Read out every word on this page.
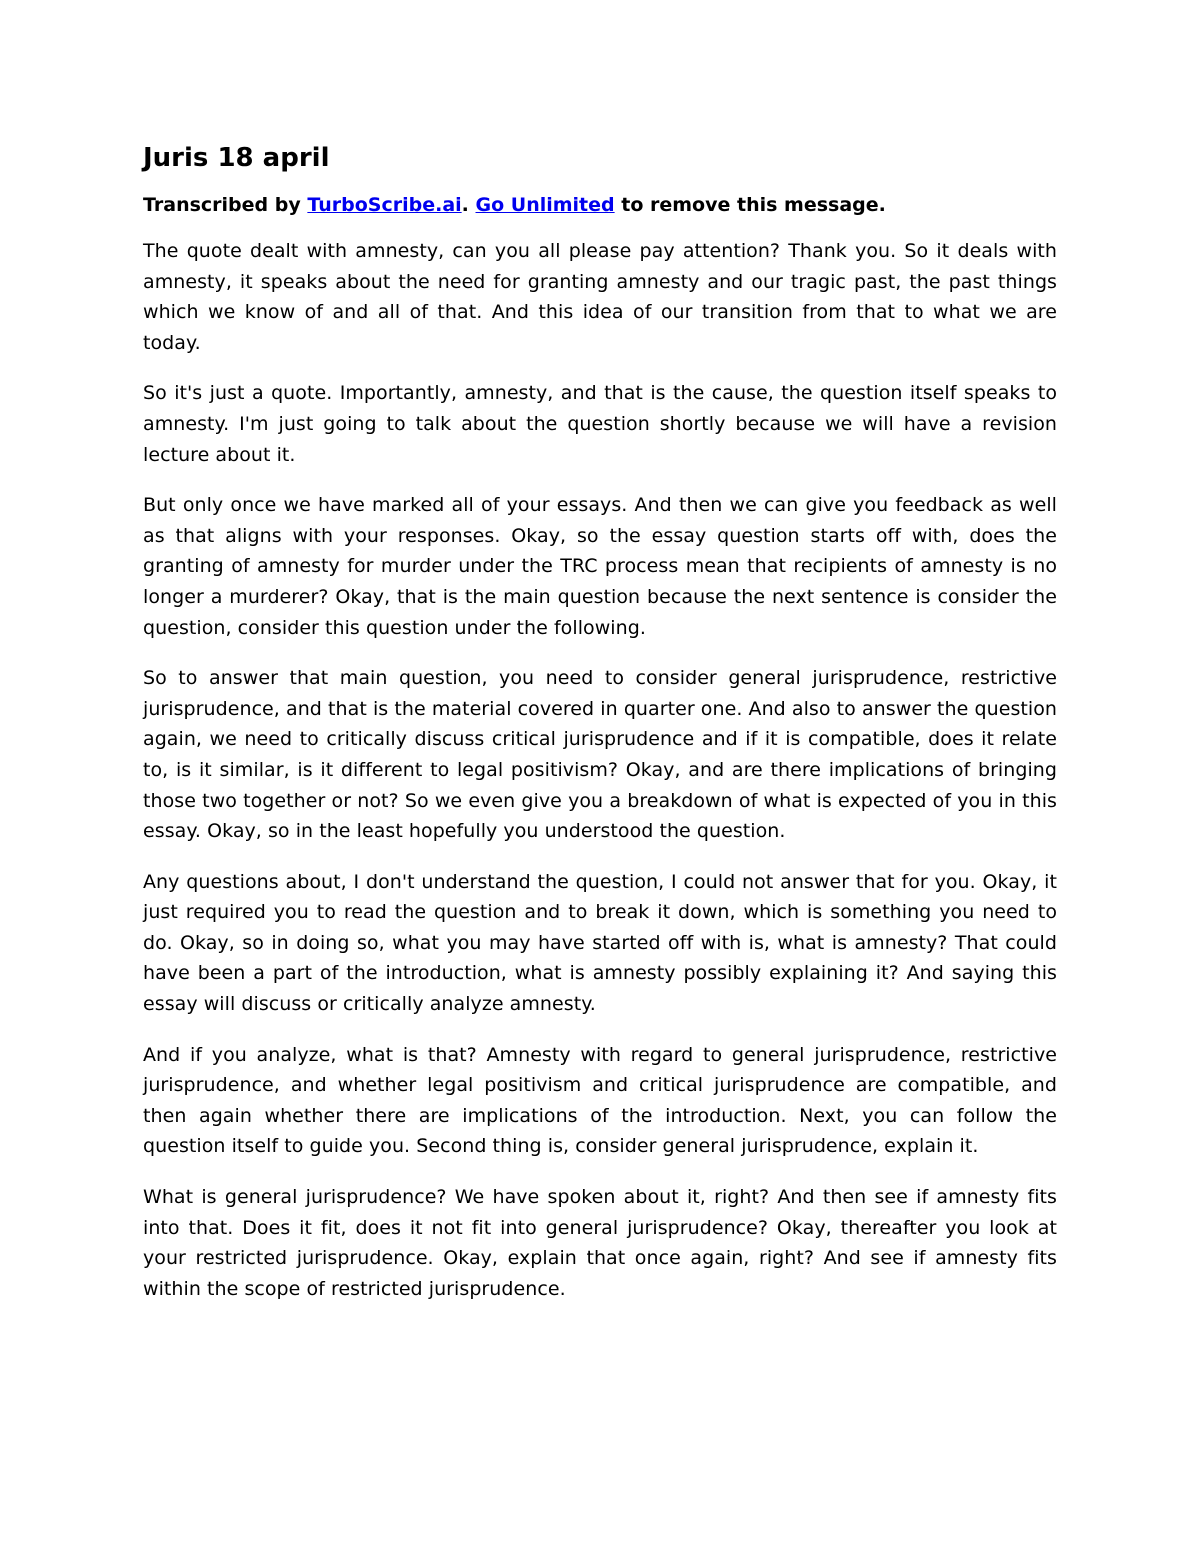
Juris 18 april

Transcribed by TurboScribe.ai. Go Unlimited to remove this message.

The quote dealt with amnesty, can you all please pay attention? Thank you. So it deals with amnesty, it speaks about the need for granting amnesty and our tragic past, the past things which we know of and all of that. And this idea of our transition from that to what we are today.

So it's just a quote. Importantly, amnesty, and that is the cause, the question itself speaks to amnesty. I'm just going to talk about the question shortly because we will have a revision lecture about it.

But only once we have marked all of your essays. And then we can give you feedback as well as that aligns with your responses. Okay, so the essay question starts off with, does the granting of amnesty for murder under the TRC process mean that recipients of amnesty is no longer a murderer? Okay, that is the main question because the next sentence is consider the question, consider this question under the following.

So to answer that main question, you need to consider general jurisprudence, restrictive jurisprudence, and that is the material covered in quarter one. And also to answer the question again, we need to critically discuss critical jurisprudence and if it is compatible, does it relate to, is it similar, is it different to legal positivism? Okay, and are there implications of bringing those two together or not? So we even give you a breakdown of what is expected of you in this essay. Okay, so in the least hopefully you understood the question.

Any questions about, I don't understand the question, I could not answer that for you. Okay, it just required you to read the question and to break it down, which is something you need to do. Okay, so in doing so, what you may have started off with is, what is amnesty? That could have been a part of the introduction, what is amnesty possibly explaining it? And saying this essay will discuss or critically analyze amnesty.

And if you analyze, what is that? Amnesty with regard to general jurisprudence, restrictive jurisprudence, and whether legal positivism and critical jurisprudence are compatible, and then again whether there are implications of the introduction. Next, you can follow the question itself to guide you. Second thing is, consider general jurisprudence, explain it.

What is general jurisprudence? We have spoken about it, right? And then see if amnesty fits into that. Does it fit, does it not fit into general jurisprudence? Okay, thereafter you look at your restricted jurisprudence. Okay, explain that once again, right? And see if amnesty fits within the scope of restricted jurisprudence.
